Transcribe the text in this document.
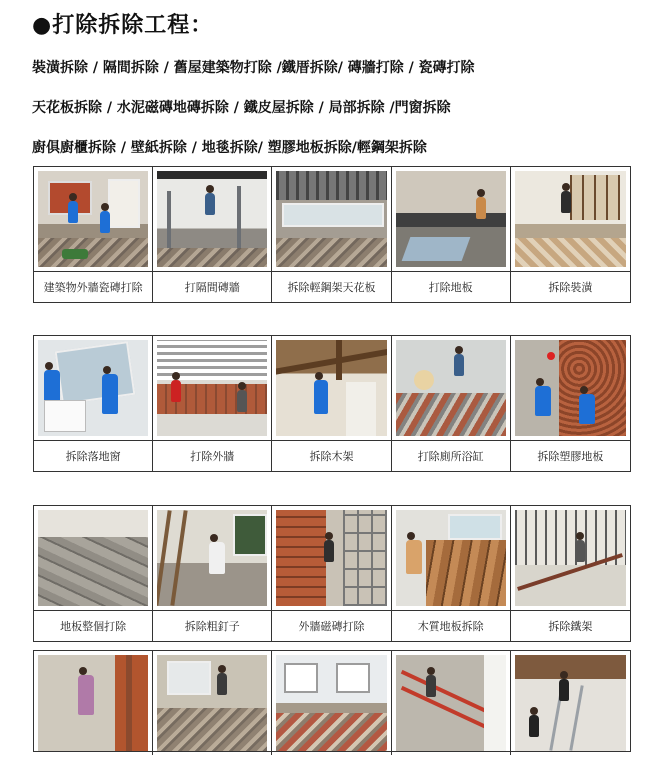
●打除拆除工程：
裝潢拆除 / 隔間拆除 / 舊屋建築物打除 /鐵厝拆除/ 磚牆打除 / 瓷磚打除
天花板拆除 / 水泥磁磚地磚拆除 / 鐵皮屋拆除 / 局部拆除 /門窗拆除
廚俱廚櫃拆除 / 壁紙拆除 / 地毯拆除/ 塑膠地板拆除/輕鋼架拆除
建築物外牆瓷磚打除	打隔間磚牆	拆除輕鋼架天花板	打除地板	拆除裝潢
拆除落地窗	打除外牆	拆除木架	打除廁所浴缸	拆除塑膠地板
地板整個打除	拆除粗釘子	外牆磁磚打除	木質地板拆除	拆除鐵架
